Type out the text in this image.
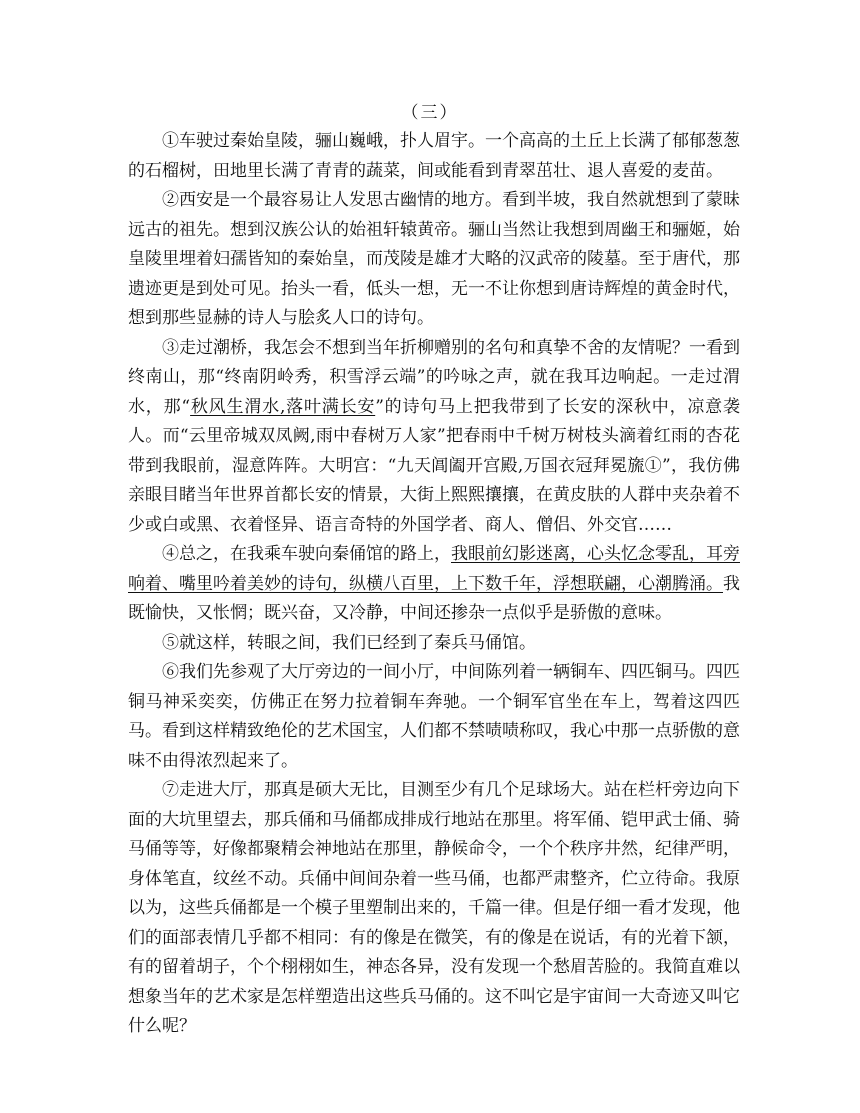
（三）

①车驶过秦始皇陵，骊山巍峨，扑人眉宇。一个高高的土丘上长满了郁郁葱葱的石榴树，田地里长满了青青的蔬菜，间或能看到青翠茁壮、退人喜爱的麦苗。

②西安是一个最容易让人发思古幽情的地方。看到半坡，我自然就想到了蒙昧远古的祖先。想到汉族公认的始祖轩辕黄帝。骊山当然让我想到周幽王和骊姬，始皇陵里埋着妇孺皆知的秦始皇，而茂陵是雄才大略的汉武帝的陵墓。至于唐代，那遗迹更是到处可见。抬头一看，低头一想，无一不让你想到唐诗辉煌的黄金时代，想到那些显赫的诗人与脍炙人口的诗句。

③走过潮桥，我怎会不想到当年折柳赠别的名句和真挚不舍的友情呢？一看到终南山，那“终南阴岭秀，积雪浮云端”的吟咏之声，就在我耳边响起。一走过渭水，那“秋风生渭水,落叶满长安”的诗句马上把我带到了长安的深秋中，凉意袭人。而“云里帝城双凤阙,雨中春树万人家”把春雨中千树万树枝头滴着红雨的杏花带到我眼前，湿意阵阵。大明宫：“九天阊阖开宫殿,万国衣冠拜冕旒①”，我仿佛亲眼目睹当年世界首都长安的情景，大街上熙熙攘攘，在黄皮肤的人群中夹杂着不少或白或黑、衣着怪异、语言奇特的外国学者、商人、僧侣、外交官……

④总之，在我乘车驶向秦俑馆的路上，我眼前幻影迷离，心头忆念零乱，耳旁响着、嘴里吟着美妙的诗句，纵横八百里，上下数千年，浮想联翩，心潮腾涌。我既愉快，又怅惘；既兴奋，又冷静，中间还掺杂一点似乎是骄傲的意味。

⑤就这样，转眼之间，我们已经到了秦兵马俑馆。

⑥我们先参观了大厅旁边的一间小厅，中间陈列着一辆铜车、四匹铜马。四匹铜马神采奕奕，仿佛正在努力拉着铜车奔驰。一个铜军官坐在车上，驾着这四匹马。看到这样精致绝伦的艺术国宝，人们都不禁啧啧称叹，我心中那一点骄傲的意味不由得浓烈起来了。

⑦走进大厅，那真是硕大无比，目测至少有几个足球场大。站在栏杆旁边向下面的大坑里望去，那兵俑和马俑都成排成行地站在那里。将军俑、铠甲武士俑、骑马俑等等，好像都聚精会神地站在那里，静候命令，一个个秩序井然，纪律严明，身体笔直，纹丝不动。兵俑中间间杂着一些马俑，也都严肃整齐，伫立待命。我原以为，这些兵俑都是一个模子里塑制出来的，千篇一律。但是仔细一看才发现，他们的面部表情几乎都不相同：有的像是在微笑，有的像是在说话，有的光着下颔，有的留着胡子，个个栩栩如生，神态各异，没有发现一个愁眉苦脸的。我简直难以想象当年的艺术家是怎样塑造出这些兵马俑的。这不叫它是宇宙间一大奇迹又叫它什么呢？
